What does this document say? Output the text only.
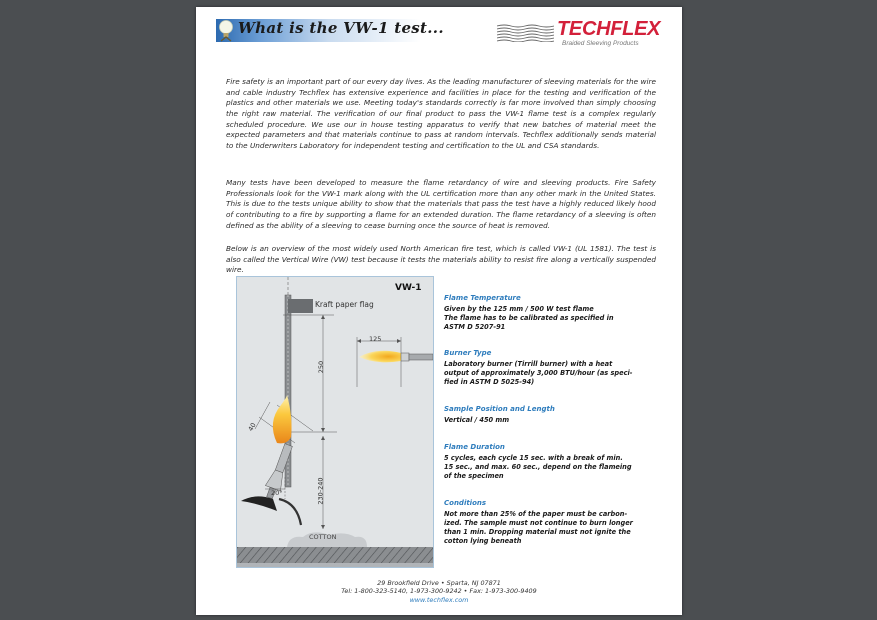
What is the VW-1 test...	TECHFLEX
Braided Sleeving Products

Fire safety is an important part of our every day lives. As the leading manufacturer of sleeving materials for the wire and cable industry Techflex has extensive experience and facilities in place for the testing and verification of the plastics and other materials we use. Meeting today's standards correctly is far more involved than simply choosing the right raw material. The verification of our final product to pass the VW-1 flame test is a complex regularly scheduled procedure. We use our in house testing apparatus to verify that new batches of material meet the expected parameters and that materials continue to pass at random intervals. Techflex additionally sends material to the Underwriters Laboratory for independent testing and certification to the UL and CSA standards.

Many tests have been developed to measure the flame retardancy of wire and sleeving products. Fire Safety Professionals look for the VW-1 mark along with the UL certification more than any other mark in the United States. This is due to the tests unique ability to show that the materials that pass the test have a highly reduced likely hood of contributing to a fire by supporting a flame for an extended duration. The flame retardancy of a sleeving is often defined as the ability of a sleeving to cease burning once the source of heat is removed.

Below is an overview of the most widely used North American fire test, which is called VW-1 (UL 1581). The test is also called the Vertical Wire (VW) test because it tests the materials ability to resist fire along a vertically suspended wire.

VW-1
Kraft paper flag
125
250
40
230-240
20°
COTTON
Flame Temperature
Given by the 125 mm / 500 W test flame
The flame has to be calibrated as specified in
ASTM D 5207-91
Burner Type
Laboratory burner (Tirrill burner) with a heat
output of approximately 3,000 BTU/hour (as speci-
fied in ASTM D 5025-94)
Sample Position and Length
Vertical / 450 mm
Flame Duration
5 cycles, each cycle 15 sec. with a break of min.
15 sec., and max. 60 sec., depend on the flameing
of the specimen
Conditions
Not more than 25% of the paper must be carbon-
ized. The sample must not continue to burn longer
than 1 min. Dropping material must not ignite the
cotton lying beneath
29 Brookfield Drive • Sparta, NJ 07871
Tel: 1-800-323-5140, 1-973-300-9242 • Fax: 1-973-300-9409
www.techflex.com
